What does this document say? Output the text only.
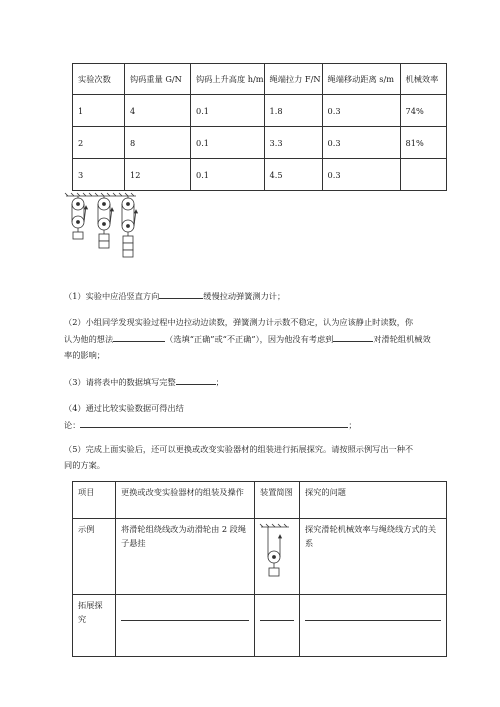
实验次数	钩码重量 G/N	钩码上升高度 h/m	绳端拉力 F/N	绳端移动距离 s/m	机械效率
1	4	0.1	1.8	0.3	74%
2	8	0.1	3.3	0.3	81%
3	12	0.1	4.5	0.3	
（1）实验中应沿竖直方向	缓慢拉动弹簧测力计；
（2）小组同学发现实验过程中边拉动边读数，弹簧测力计示数不稳定，认为应该静止时读数，你
认为他的想法	（选填“正确”或“不正确”），因为他没有考虑到	对滑轮组机械效
率的影响；
（3）请将表中的数据填写完整	；
（4）通过比较实验数据可得出结
论：	；
（5）完成上面实验后，还可以更换或改变实验器材的组装进行拓展探究。请按照示例写出一种不
同的方案。
项目	更换或改变实验器材的组装及操作	装置简图	探究的问题
示例	将滑轮组绕线改为动滑轮由 2 段绳子悬挂		探究滑轮机械效率与绳绕线方式的关系
拓展探究	
